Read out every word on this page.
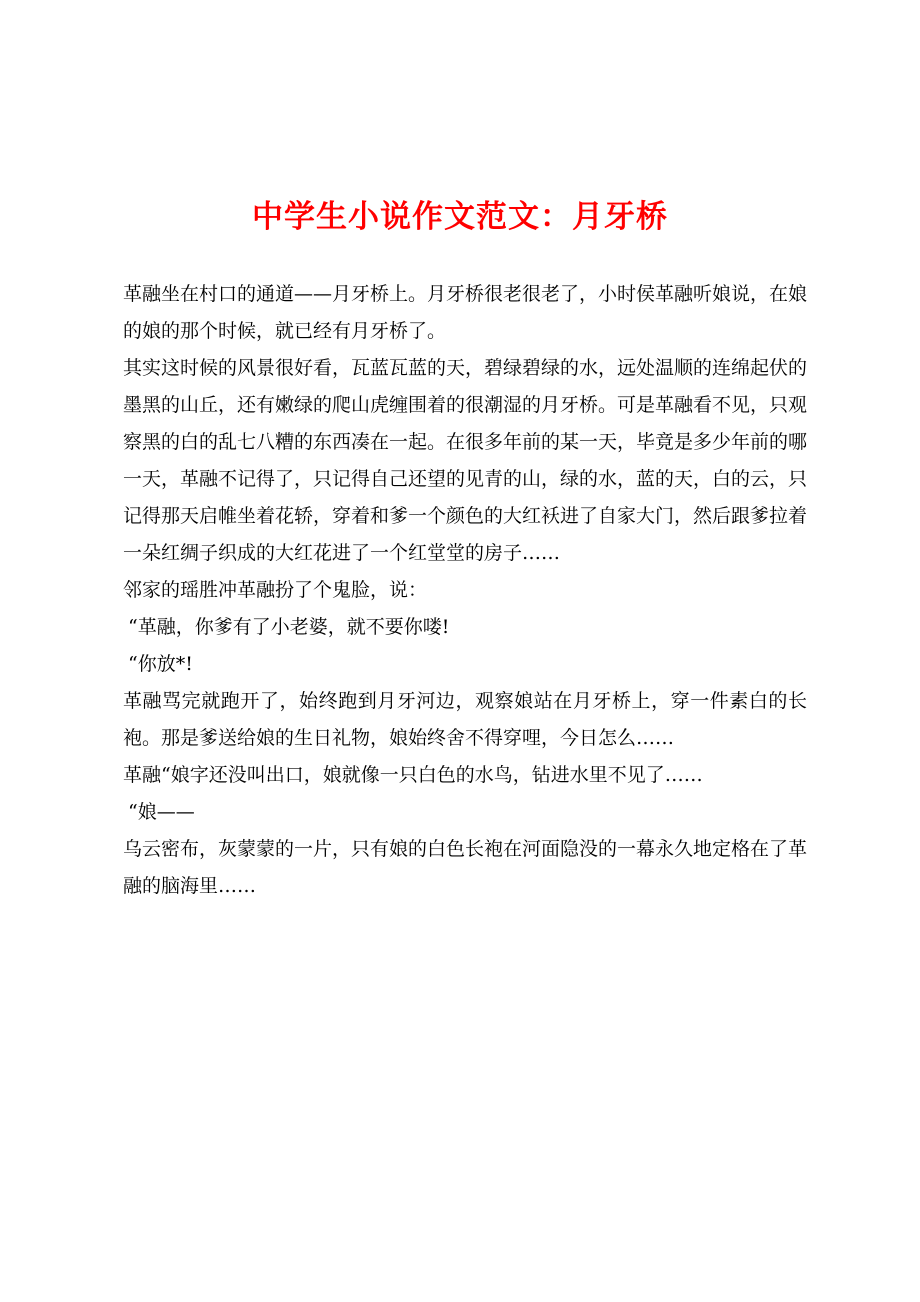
中学生小说作文范文：月牙桥

革融坐在村口的通道——月牙桥上。月牙桥很老很老了，小时侯革融听娘说，在娘的娘的那个时候，就已经有月牙桥了。

其实这时候的风景很好看，瓦蓝瓦蓝的天，碧绿碧绿的水，远处温顺的连绵起伏的墨黑的山丘，还有嫩绿的爬山虎缠围着的很潮湿的月牙桥。可是革融看不见，只观察黑的白的乱七八糟的东西凑在一起。在很多年前的某一天，毕竟是多少年前的哪一天，革融不记得了，只记得自己还望的见青的山，绿的水，蓝的天，白的云，只记得那天启帷坐着花轿，穿着和爹一个颜色的大红袄进了自家大门，然后跟爹拉着一朵红绸子织成的大红花进了一个红堂堂的房子……

邻家的瑶胜冲革融扮了个鬼脸，说：

“革融，你爹有了小老婆，就不要你喽!

“你放*!

革融骂完就跑开了，始终跑到月牙河边，观察娘站在月牙桥上，穿一件素白的长袍。那是爹送给娘的生日礼物，娘始终舍不得穿哩，今日怎么……

革融“娘字还没叫出口，娘就像一只白色的水鸟，钻进水里不见了……

“娘——

乌云密布，灰蒙蒙的一片，只有娘的白色长袍在河面隐没的一幕永久地定格在了革融的脑海里……
